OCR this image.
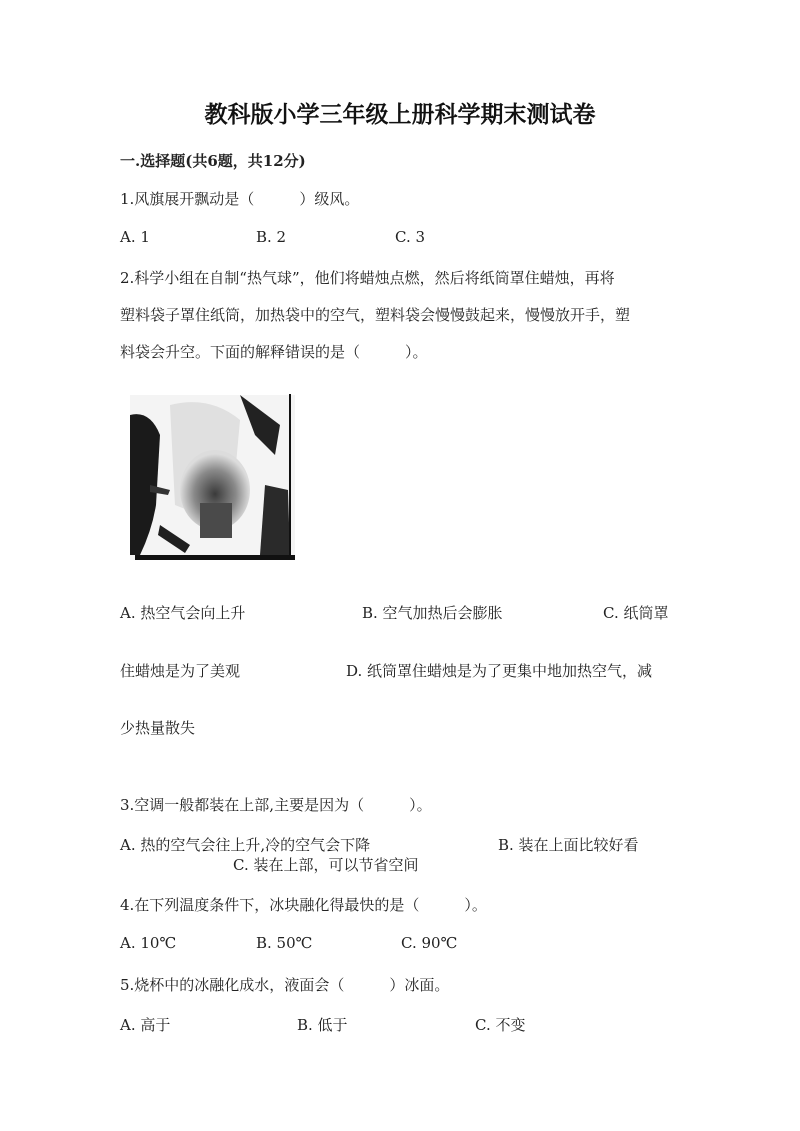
教科版小学三年级上册科学期末测试卷
一.选择题(共6题，共12分)
1.风旗展开飘动是（　　　）级风。
A. 1	B. 2	C. 3
2.科学小组在自制“热气球”，他们将蜡烛点燃，然后将纸筒罩住蜡烛，再将
塑料袋子罩住纸筒，加热袋中的空气，塑料袋会慢慢鼓起来，慢慢放开手，塑
料袋会升空。下面的解释错误的是（　　　）。
A. 热空气会向上升	B. 空气加热后会膨胀	C. 纸筒罩
住蜡烛是为了美观	D. 纸筒罩住蜡烛是为了更集中地加热空气，减
少热量散失
3.空调一般都装在上部,主要是因为（　　　）。
A. 热的空气会往上升,冷的空气会下降	B. 装在上面比较好看
C. 装在上部，可以节省空间
4.在下列温度条件下，冰块融化得最快的是（　　　）。
A. 10℃	B. 50℃	C. 90℃
5.烧杯中的冰融化成水，液面会（　　　）冰面。
A. 高于	B. 低于	C. 不变
